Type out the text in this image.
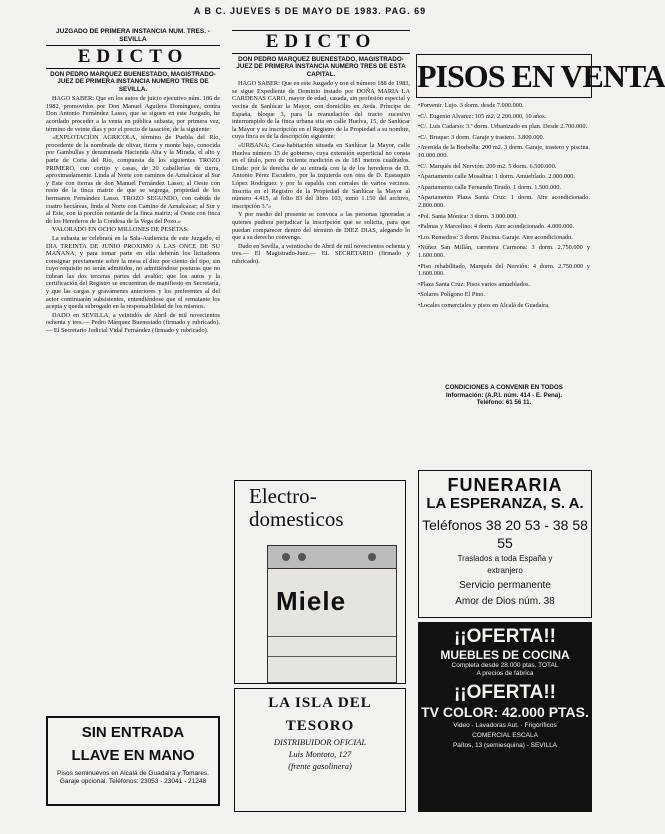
A B C. JUEVES 5 DE MAYO DE 1983. PAG. 69
JUZGADO DE PRIMERA INSTANCIA NUM. TRES. - SEVILLA
EDICTO
DON PEDRO MARQUEZ BUENESTADO, MAGISTRADO-JUEZ DE PRIMERA INSTANCIA NUMERO TRES DE SEVILLA.

HAGO SABER: Que en los autos de juicio ejecutivo núm. 186 de 1982, promovidos por Don Manuel Aguilera Domínguez, contra Don Antonio Fernández Lasso, que se siguen en este Juzgado, he acordado proceder a la venta en pública subasta, por primera vez, término de veinte días y por el precio de tasación, de la siguiente:

«EXPLOTACION AGRICOLA, término de Puebla del Río, procedente de la nombrada de olivar, tierra y monte bajo, conocida por Gambullas y denominada Hacienda Alta y la Mirada, el alto y parte de Coria del Río, compuesta de los siguientes TROZO PRIMERO, con cortijo y casas, de 20 caballerías de tierra, aproximadamente. Linda al Norte con caminos de Aznalcázar al Sur y Este con tierras de don Manuel Fernández Lasso; al Oeste con resto de la finca matriz de que se segrega, propiedad de los hermanos Fernández Lasso. TROZO SEGUNDO, con cabida de cuatro hectáreas, linda al Norte con Camino de Aznalcázar; al Sur y al Este, con la porción restante de la finca matriz; al Oeste con finca de los Herederos de la Condesa de la Vega del Pozo.»

VALORADO EN OCHO MILLONES DE PESETAS.

La subasta se celebrará en la Sala-Audiencia de este Juzgado, el DIA TREINTA DE JUNIO PROXIMO A LAS ONCE DE SU MAÑANA, y para tomar parte en ella deberán los licitadores consignar previamente sobre la mesa el diez por ciento del tipo, sin cuyo requisito no serán admitidos, no admitiéndose posturas que no cubran las dos terceras partes del avalúo; que los autos y la certificación del Registro se encuentran de manifiesto en Secretaría, y que las cargas y gravámenes anteriores y los preferentes al del actor continuarán subsistentes, entendiéndose que el rematante los acepta y queda subrogado en la responsabilidad de los mismos.

DADO en SEVILLA, a veintidós de Abril de mil novecientos ochenta y tres.— Pedro Márquez Buenestado (firmado y rubricado).— El Secretario Judicial Vidal Fernández (firmado y rubricado).

EDICTO
DON PEDRO MARQUEZ BUENESTADO, MAGISTRADO-JUEZ DE PRIMERA INSTANCIA NUMERO TRES DE ESTA CAPITAL.

HAGO SABER: Que en este Juzgado y con el número 188 de 1983, se sigue Expediente de Dominio instado por DOÑA MARIA LA CARDENAS CARO, mayor de edad, casada, sin profesión especial y vecina de Sanlúcar la Mayor, con domicilio en Avda. Príncipe de España, bloque 3, para la reanudación del tracto sucesivo interrumpido de la finca urbana sita en calle Huelva, 15, de Sanlúcar la Mayor y su inscripción en el Registro de la Propiedad a su nombre, cuya finca es de la descripción siguiente:

«URBANA: Casa-habitación situada en Sanlúcar la Mayor, calle Huelva número 15 de gobierno, cuya extensión superficial no consta en el título, pero de reciente medición es de 181 metros cuadrados. Linda: por la derecha de su entrada con la de los herederos de D. Antonio Pérez Escudero, por la izquierda con otra de D. Eustaquio López Rodríguez y por la espalda con corrales de varios vecinos. Inscrita en el Registro de la Propiedad de Sanlúcar la Mayor al número 4.415, al folio 83 del libro 103, tomo 1.150 del archivo, inscripción 3.ª»

Y por medio del presente se convoca a las personas ignoradas a quienes pudiera perjudicar la inscripción que se solicita, para que puedan comparecer dentro del término de DIEZ DIAS, alegando lo que a su derecho convenga.

Dado en Sevilla, a veintiocho de Abril de mil novecientos ochenta y tres.— El Magistrado-Juez.— EL SECRETARIO (firmado y rubricado).

PISOS EN VENTA
• Porvenir. Lujo. 3 dorm. desde 7.000.000.
• C/. Eugenio Alvarez: 105 m2. 2.200.000, 10 años.
• C/. Luis Cadarso: 3.ª dorm. Urbanizado en plan. Desde 2.700.000.
• C/. Bruque: 3 dorm. Garaje y trastero. 3.800.000.
• Avenida de la Borbolla: 200 m2. 3 dorm. Garaje, trastero y piscina. 10.000.000.
• C/. Marqués del Nervión: 200 m2. 5 dorm. 6.500.000.
• Apartamento calle Mosalina: 1 dorm. Amueblado. 2.000.000.
• Apartamento calle Fernando Tirado. 1 dorm. 1.500.000.
• Apartamento Plaza Santa Cruz: 1 dorm. Aire acondicionado. 2.800.000.
• Pol. Santa Mónica: 3 dorm. 3.000.000.
• Palmas y Marcelino: 4 dorm. Aire acondicionado. 4.000.000.
• Los Remedios: 3 dorm. Piscina. Garaje. Aire acondicionado.
• Núñez San Millán, carretera Carmona: 3 dorm. 2.750.000 y 1.600.000.
• Piso rehabilitado, Marqués del Nervión: 4 dorm. 2.750.000 y 1.600.000.
• Plaza Santa Cruz: Pisos varios amueblados.
• Solares Polígono El Pino.
• Locales comerciales y pisos en Alcalá de Guadaíra.
CONDICIONES A CONVENIR EN TODOS
Información: (A.P.I. núm. 414 - E. Pena).
Teléfono: 61 56 11.
SIN ENTRADA
LLAVE EN MANO
Pisos seminuevos en Alcalá de Guadaíra y Tomares. Garaje opcional. Teléfonos: 23053 - 23041 - 21248
Electro-
domesticos
Miele
LA ISLA DEL
TESORO
DISTRIBUIDOR OFICIAL
Luis Montoto, 127
(frente gasolinera)
FUNERARIA
LA ESPERANZA, S. A.
Teléfonos 38 20 53 - 38 58 55
Traslados a toda España y
extranjero
Servicio permanente
Amor de Dios núm. 38
¡¡OFERTA!!
MUEBLES DE COCINA
Completa desde 28.000 ptas. TOTAL
A precios de fábrica
¡¡OFERTA!!
TV COLOR: 42.000 PTAS.
Video · Lavadoras Aut. · Frigoríficos
COMERCIAL ESCALA
Paítos, 13 (semiesquina) - SEVILLA
